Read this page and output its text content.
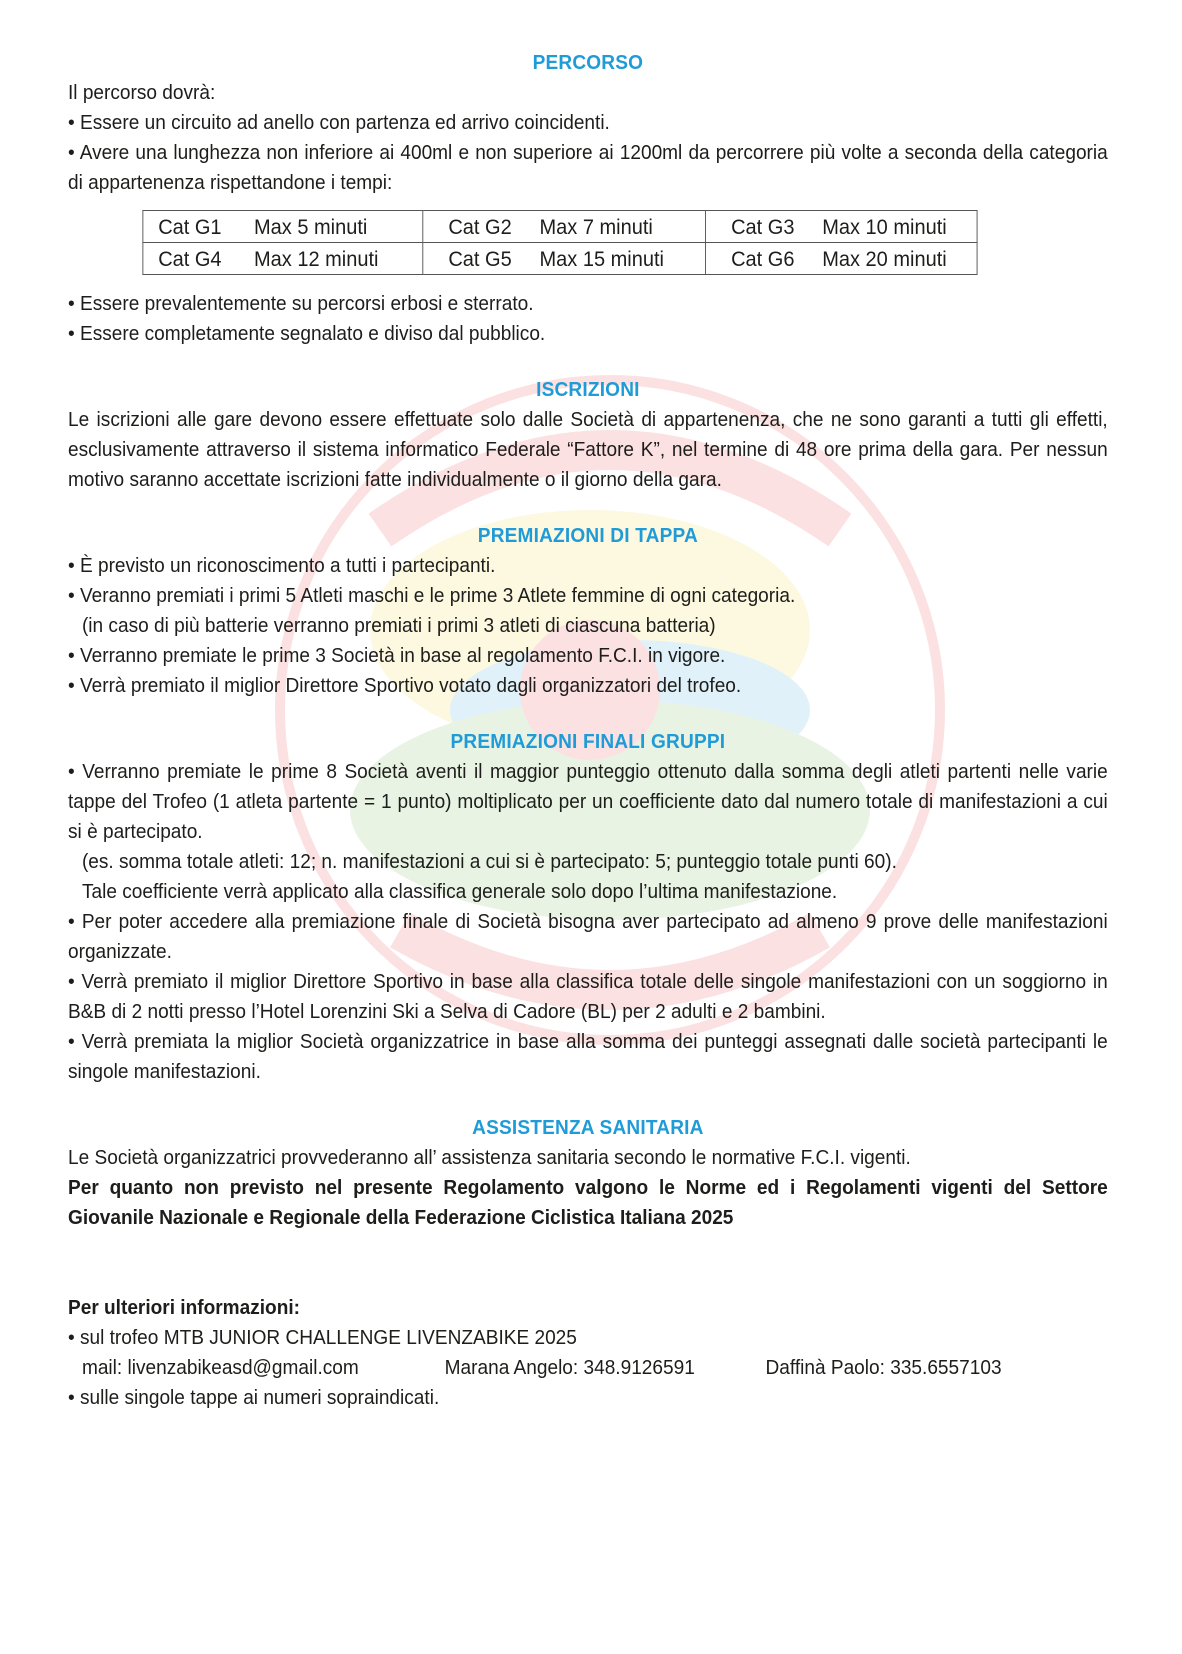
PERCORSO

Il percorso dovrà:

• Essere un circuito ad anello con partenza ed arrivo coincidenti.

• Avere una lunghezza non inferiore ai 400ml e non superiore ai 1200ml da percorrere più volte a seconda della categoria di appartenenza rispettandone i tempi:

Cat G1 Max 5 minuti	Cat G2 Max 7 minuti	Cat G3 Max 10 minuti
Cat G4 Max 12 minuti	Cat G5 Max 15 minuti	Cat G6 Max 20 minuti

• Essere prevalentemente su percorsi erbosi e sterrato.

• Essere completamente segnalato e diviso dal pubblico.

ISCRIZIONI

Le iscrizioni alle gare devono essere effettuate solo dalle Società di appartenenza, che ne sono garanti a tutti gli effetti, esclusivamente attraverso il sistema informatico Federale “Fattore K”, nel termine di 48 ore prima della gara. Per nessun motivo saranno accettate iscrizioni fatte individualmente o il giorno della gara.

PREMIAZIONI DI TAPPA

• È previsto un riconoscimento a tutti i partecipanti.

• Veranno premiati i primi 5 Atleti maschi e le prime 3 Atlete femmine di ogni categoria.

(in caso di più batterie verranno premiati i primi 3 atleti di ciascuna batteria)

• Verranno premiate le prime 3 Società in base al regolamento F.C.I. in vigore.

• Verrà premiato il miglior Direttore Sportivo votato dagli organizzatori del trofeo.

PREMIAZIONI FINALI GRUPPI

• Verranno premiate le prime 8 Società aventi il maggior punteggio ottenuto dalla somma degli atleti partenti nelle varie tappe del Trofeo (1 atleta partente = 1 punto) moltiplicato per un coefficiente dato dal numero totale di manifestazioni a cui si è partecipato.

(es. somma totale atleti: 12; n. manifestazioni a cui si è partecipato: 5; punteggio totale punti 60).

Tale coefficiente verrà applicato alla classifica generale solo dopo l’ultima manifestazione.

• Per poter accedere alla premiazione finale di Società bisogna aver partecipato ad almeno 9 prove delle manifestazioni organizzate.

• Verrà premiato il miglior Direttore Sportivo in base alla classifica totale delle singole manifestazioni con un soggiorno in B&B di 2 notti presso l’Hotel Lorenzini Ski a Selva di Cadore (BL) per 2 adulti e 2 bambini.

• Verrà premiata la miglior Società organizzatrice in base alla somma dei punteggi assegnati dalle società partecipanti le singole manifestazioni.

ASSISTENZA SANITARIA

Le Società organizzatrici provvederanno all’ assistenza sanitaria secondo le normative F.C.I. vigenti.

Per quanto non previsto nel presente Regolamento valgono le Norme ed i Regolamenti vigenti del Settore Giovanile Nazionale e Regionale della Federazione Ciclistica Italiana 2025

Per ulteriori informazioni:

• sul trofeo MTB JUNIOR CHALLENGE LIVENZABIKE 2025

mail: livenzabikeasd@gmail.com	Marana Angelo: 348.9126591	Daffinà Paolo: 335.6557103

• sulle singole tappe ai numeri sopraindicati.
